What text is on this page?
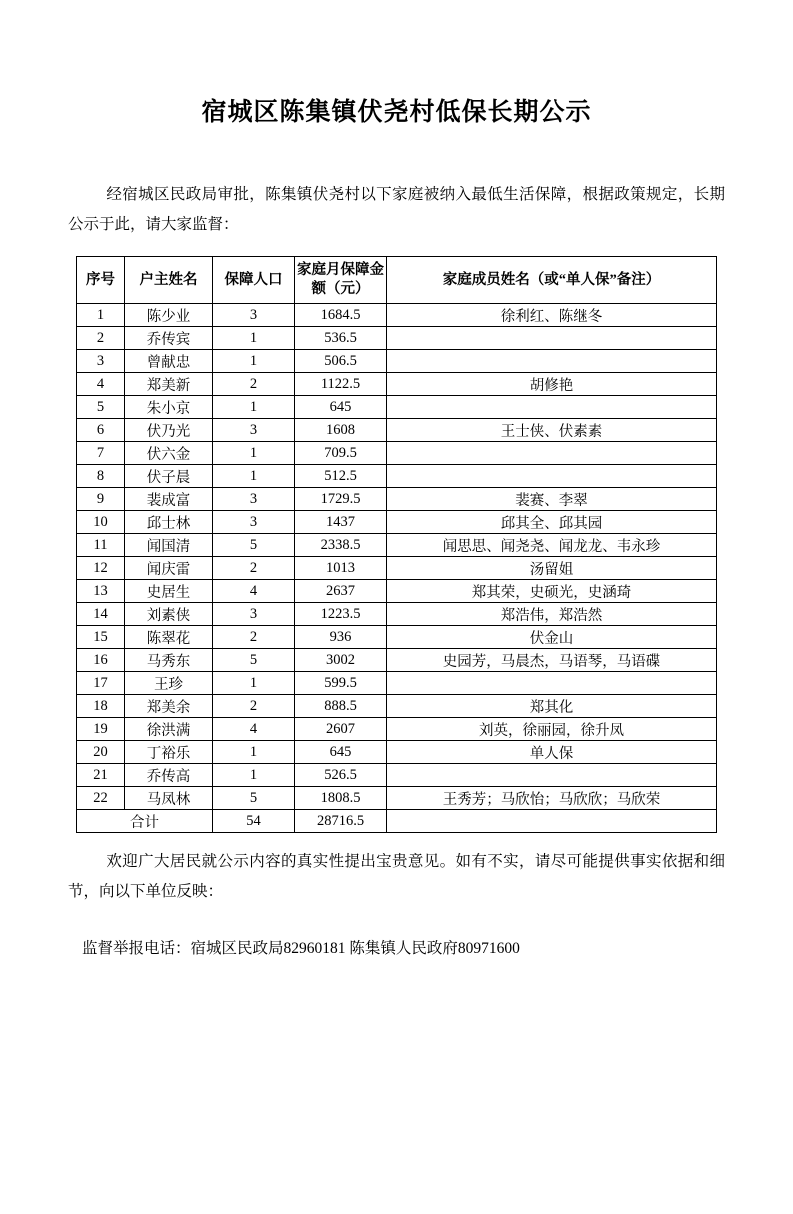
宿城区陈集镇伏尧村低保长期公示

经宿城区民政局审批，陈集镇伏尧村以下家庭被纳入最低生活保障，根据政策规定，长期公示于此，请大家监督：

序号	户主姓名	保障人口	家庭月保障金额（元）	家庭成员姓名（或“单人保”备注）
1	陈少业	3	1684.5	徐利红、陈继冬
2	乔传宾	1	536.5	
3	曾献忠	1	506.5	
4	郑美新	2	1122.5	胡修艳
5	朱小京	1	645	
6	伏乃光	3	1608	王士侠、伏素素
7	伏六金	1	709.5	
8	伏子晨	1	512.5	
9	裴成富	3	1729.5	裴赛、李翠
10	邱士林	3	1437	邱其全、邱其园
11	闻国清	5	2338.5	闻思思、闻尧尧、闻龙龙、韦永珍
12	闻庆雷	2	1013	汤留姐
13	史居生	4	2637	郑其荣，史硕光，史涵琦
14	刘素侠	3	1223.5	郑浩伟，郑浩然
15	陈翠花	2	936	伏金山
16	马秀东	5	3002	史园芳，马晨杰，马语琴，马语碟
17	王珍	1	599.5	
18	郑美余	2	888.5	郑其化
19	徐洪满	4	2607	刘英，徐丽园，徐升凤
20	丁裕乐	1	645	单人保
21	乔传高	1	526.5	
22	马凤林	5	1808.5	王秀芳；马欣怡；马欣欣；马欣荣
合计		54	28716.5	

欢迎广大居民就公示内容的真实性提出宝贵意见。如有不实，请尽可能提供事实依据和细节，向以下单位反映：

监督举报电话：宿城区民政局82960181 陈集镇人民政府80971600
